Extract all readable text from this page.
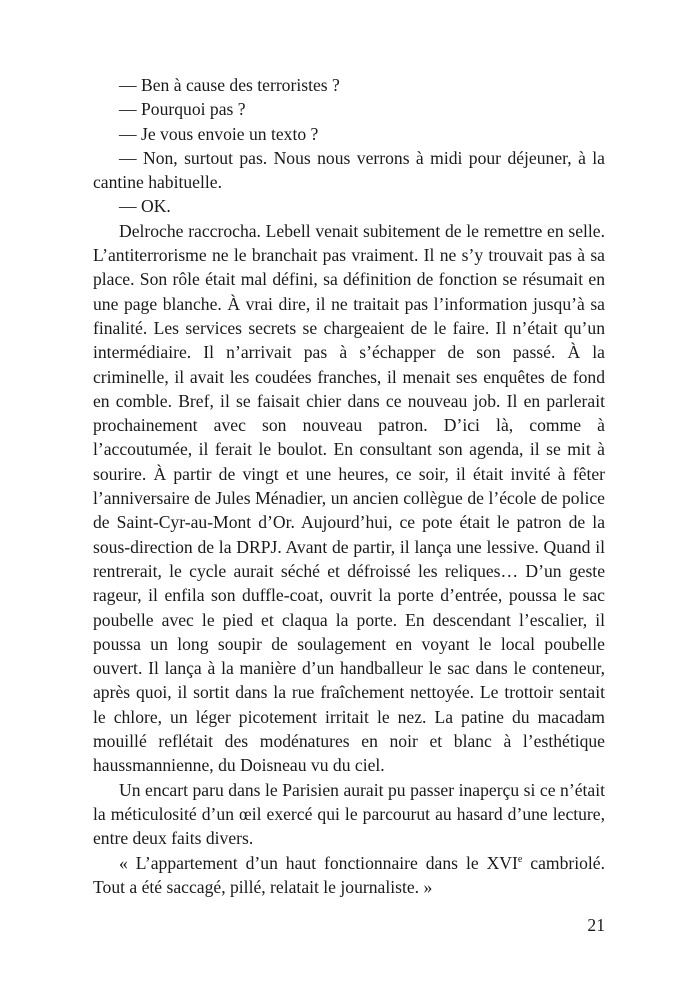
— Ben à cause des terroristes ?

— Pourquoi pas ?

— Je vous envoie un texto ?

— Non, surtout pas. Nous nous verrons à midi pour déjeuner, à la cantine habituelle.

— OK.

Delroche raccrocha. Lebell venait subitement de le remettre en selle. L’antiterrorisme ne le branchait pas vraiment. Il ne s’y trouvait pas à sa place. Son rôle était mal défini, sa définition de fonction se résumait en une page blanche. À vrai dire, il ne traitait pas l’information jusqu’à sa finalité. Les services secrets se chargeaient de le faire. Il n’était qu’un intermédiaire. Il n’arrivait pas à s’échapper de son passé. À la criminelle, il avait les coudées franches, il menait ses enquêtes de fond en comble. Bref, il se faisait chier dans ce nouveau job. Il en parlerait prochainement avec son nouveau patron. D’ici là, comme à l’accoutumée, il ferait le boulot. En consultant son agenda, il se mit à sourire. À partir de vingt et une heures, ce soir, il était invité à fêter l’anniversaire de Jules Ménadier, un ancien collègue de l’école de police de Saint-Cyr-au-Mont d’Or. Aujourd’hui, ce pote était le patron de la sous-direction de la DRPJ. Avant de partir, il lança une lessive. Quand il rentrerait, le cycle aurait séché et défroissé les reliques… D’un geste rageur, il enfila son duffle-coat, ouvrit la porte d’entrée, poussa le sac poubelle avec le pied et claqua la porte. En descendant l’escalier, il poussa un long soupir de soulagement en voyant le local poubelle ouvert. Il lança à la manière d’un handballeur le sac dans le conteneur, après quoi, il sortit dans la rue fraîchement nettoyée. Le trottoir sentait le chlore, un léger picotement irritait le nez. La patine du macadam mouillé reflétait des modénatures en noir et blanc à l’esthétique haussmannienne, du Doisneau vu du ciel.

Un encart paru dans le Parisien aurait pu passer inaperçu si ce n’était la méticulosité d’un œil exercé qui le parcourut au hasard d’une lecture, entre deux faits divers.

« L’appartement d’un haut fonctionnaire dans le XVIe cambriolé. Tout a été saccagé, pillé, relatait le journaliste. »

21
